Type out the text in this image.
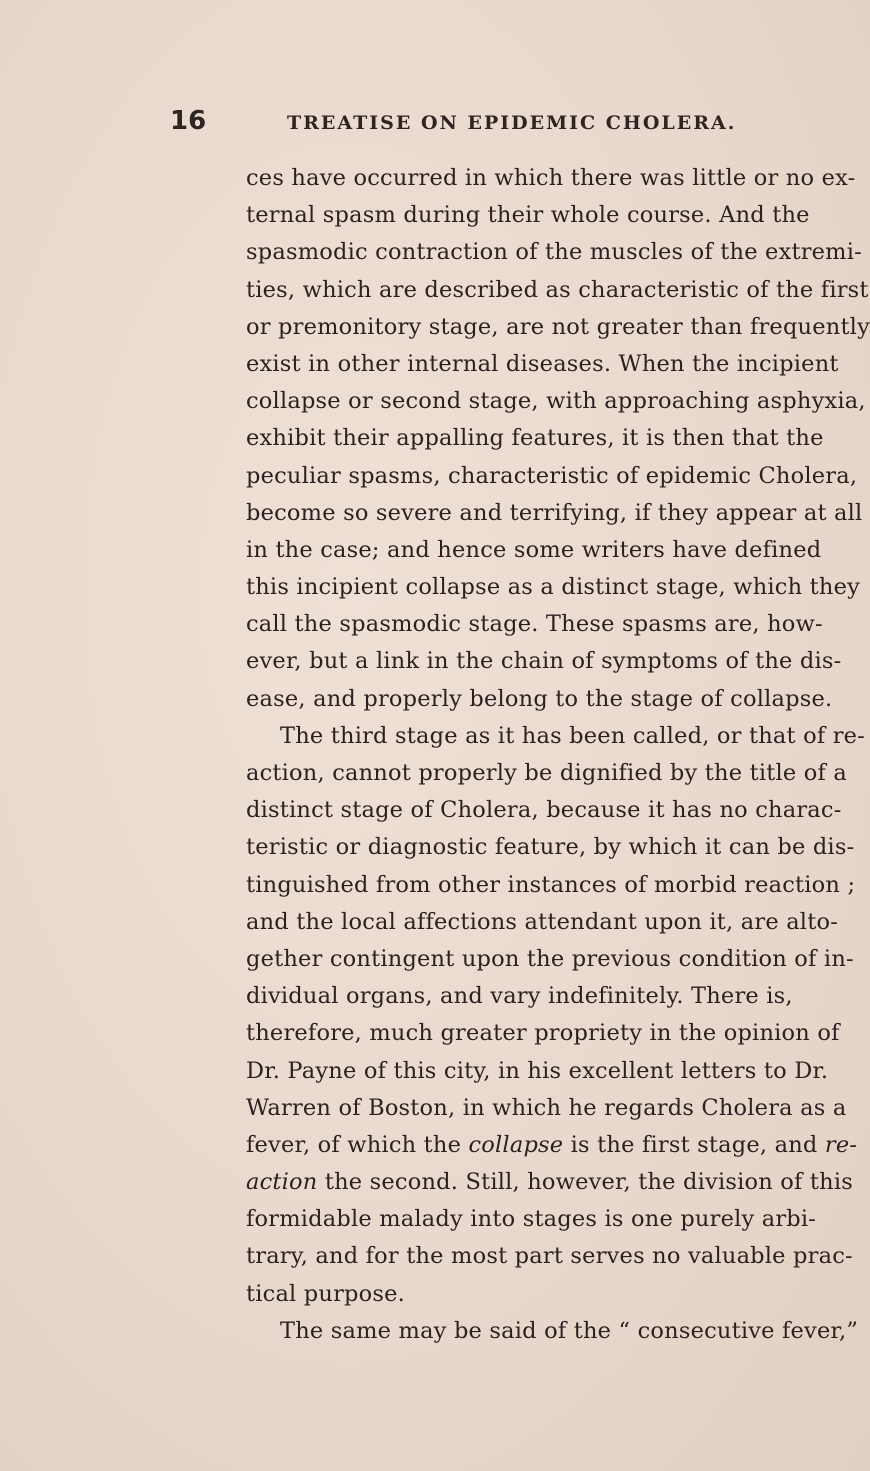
16	TREATISE ON EPIDEMIC CHOLERA.
ces have occurred in which there was little or no ex-
ternal spasm during their whole course. And the
spasmodic contraction of the muscles of the extremi-
ties, which are described as characteristic of the first
or premonitory stage, are not greater than frequently
exist in other internal diseases. When the incipient
collapse or second stage, with approaching asphyxia,
exhibit their appalling features, it is then that the
peculiar spasms, characteristic of epidemic Cholera,
become so severe and terrifying, if they appear at all
in the case; and hence some writers have defined
this incipient collapse as a distinct stage, which they
call the spasmodic stage. These spasms are, how-
ever, but a link in the chain of symptoms of the dis-
ease, and properly belong to the stage of collapse.
The third stage as it has been called, or that of re-
action, cannot properly be dignified by the title of a
distinct stage of Cholera, because it has no charac-
teristic or diagnostic feature, by which it can be dis-
tinguished from other instances of morbid reaction ;
and the local affections attendant upon it, are alto-
gether contingent upon the previous condition of in-
dividual organs, and vary indefinitely. There is,
therefore, much greater propriety in the opinion of
Dr. Payne of this city, in his excellent letters to Dr.
Warren of Boston, in which he regards Cholera as a
fever, of which the collapse is the first stage, and re-
action the second. Still, however, the division of this
formidable malady into stages is one purely arbi-
trary, and for the most part serves no valuable prac-
tical purpose.
The same may be said of the “ consecutive fever,”
